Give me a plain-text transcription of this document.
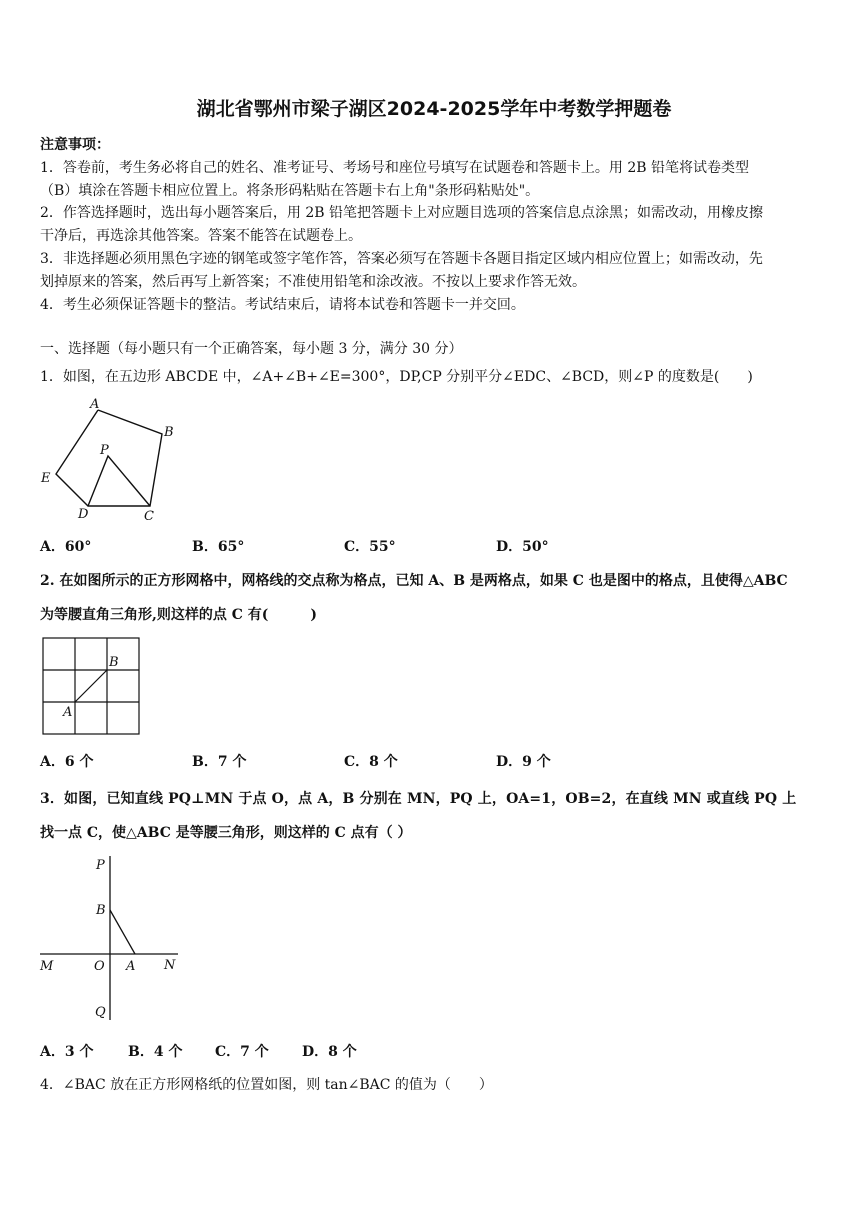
湖北省鄂州市梁子湖区2024-2025学年中考数学押题卷
注意事项：
1．答卷前，考生务必将自己的姓名、准考证号、考场号和座位号填写在试题卷和答题卡上。用 2B 铅笔将试卷类型
（B）填涂在答题卡相应位置上。将条形码粘贴在答题卡右上角"条形码粘贴处"。
2．作答选择题时，选出每小题答案后，用 2B 铅笔把答题卡上对应题目选项的答案信息点涂黑；如需改动，用橡皮擦
干净后，再选涂其他答案。答案不能答在试题卷上。
3．非选择题必须用黑色字迹的钢笔或签字笔作答，答案必须写在答题卡各题目指定区域内相应位置上；如需改动，先
划掉原来的答案，然后再写上新答案；不准使用铅笔和涂改液。不按以上要求作答无效。
4．考生必须保证答题卡的整洁。考试结束后，请将本试卷和答题卡一并交回。
一、选择题（每小题只有一个正确答案，每小题 3 分，满分 30 分）
1．如图，在五边形 ABCDE 中，∠A+∠B+∠E=300°，DP,CP 分别平分∠EDC、∠BCD，则∠P 的度数是(　　)
A
B
C
D
E
P
A．60°	B．65°	C．55°	D．50°
2. 在如图所示的正方形网格中，网格线的交点称为格点，已知 A、B 是两格点，如果 C 也是图中的格点，且使得△ABC
为等腰直角三角形,则这样的点 C 有(　　　)
B
A
A．6 个	B．7 个	C．8 个	D．9 个
3．如图，已知直线 PQ⊥MN 于点 O，点 A，B 分别在 MN，PQ 上，OA=1，OB=2，在直线 MN 或直线 PQ 上
找一点 C，使△ABC 是等腰三角形，则这样的 C 点有（ ）
P
B
M	O A N
Q
A．3 个 B．4 个 C．7 个 D．8 个
4．∠BAC 放在正方形网格纸的位置如图，则 tan∠BAC 的值为（　　）
